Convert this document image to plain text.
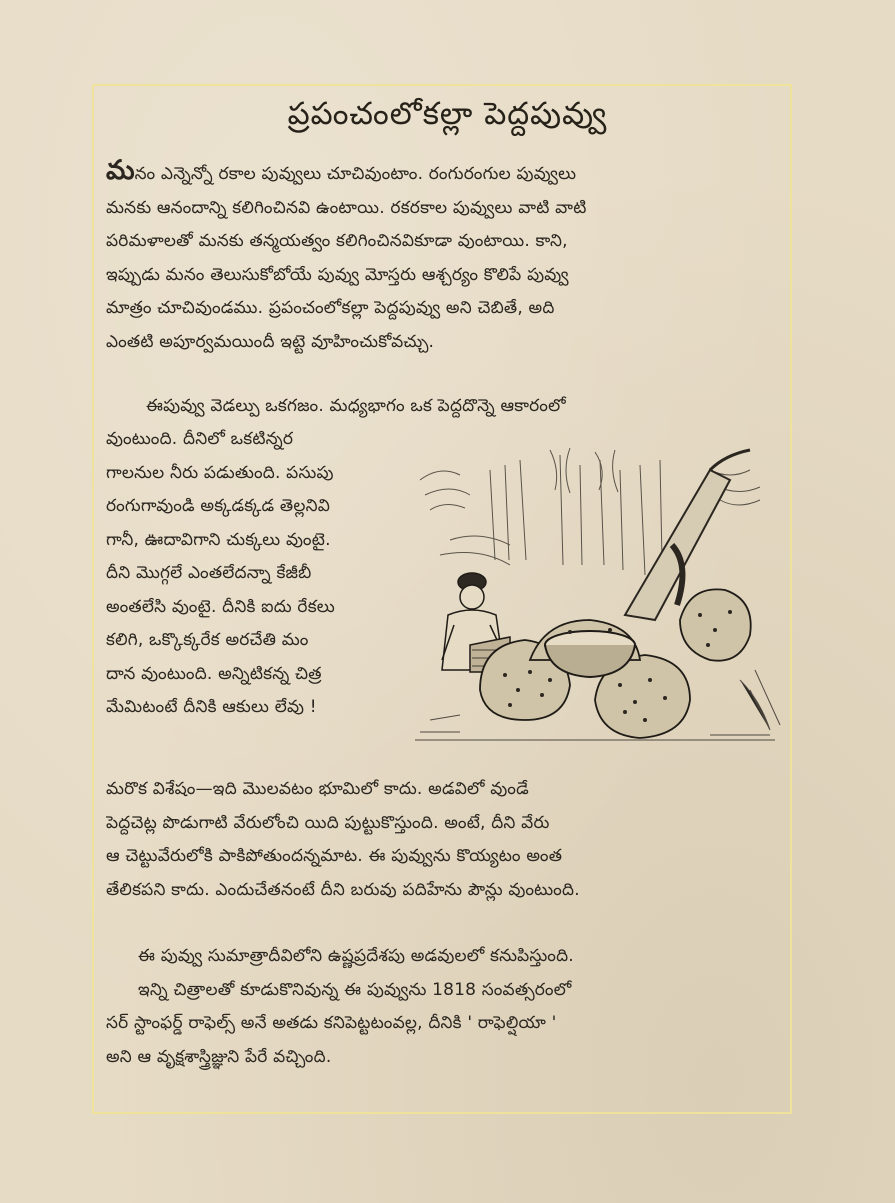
ప్రపంచంలోకల్లా పెద్దపువ్వు
మనం ఎన్నెన్నో రకాల పువ్వులు చూచివుంటాం. రంగురంగుల పువ్వులు
మనకు ఆనందాన్ని కలిగించినవి ఉంటాయి. రకరకాల పువ్వులు వాటి వాటి
పరిమళాలతో మనకు తన్మయత్వం కలిగించినవికూడా వుంటాయి. కాని,
ఇప్పుడు మనం తెలుసుకోబోయే పువ్వు మోస్తరు ఆశ్చర్యం కొలిపే పువ్వు
మాత్రం చూచివుండము. ప్రపంచంలోకల్లా పెద్దపువ్వు అని చెబితే, అది
ఎంతటి అపూర్వమయిందీ ఇట్టె వూహించుకోవచ్చు.
ఈపువ్వు వెడల్పు ఒకగజం. మధ్యభాగం ఒక పెద్దదొన్నె ఆకారంలో
వుంటుంది. దీనిలో ఒకటిన్నర
గాలనుల నీరు పడుతుంది. పసుపు
రంగుగావుండి అక్కడక్కడ తెల్లనివి
గానీ, ఊదావిగాని చుక్కలు వుంటై.
దీని మొగ్గలే ఎంతలేదన్నా కేజీబీ
అంతలేసి వుంటై. దీనికి ఐదు రేకలు
కలిగి, ఒక్కొక్కరేక అరచేతి మం
దాన వుంటుంది. అన్నిటికన్న చిత్ర
మేమిటంటే దీనికి ఆకులు లేవు !
మరొక విశేషం—ఇది మొలవటం భూమిలో కాదు. అడవిలో వుండే
పెద్దచెట్ల పొడుగాటి వేరులోంచి యిది పుట్టుకొస్తుంది. అంటే, దీని వేరు
ఆ చెట్టువేరులోకి పాకిపోతుందన్నమాట. ఈ పువ్వును కొయ్యటం అంత
తేలికపని కాదు. ఎందుచేతనంటే దీని బరువు పదిహేను పౌన్లు వుంటుంది.
ఈ పువ్వు సుమాత్రాదీవిలోని ఉష్ణప్రదేశపు అడవులలో కనుపిస్తుంది.
ఇన్ని చిత్రాలతో కూడుకొనివున్న ఈ పువ్వును 1818 సంవత్సరంలో
సర్ స్టాంఫర్డ్ రాఫెల్స్ అనే అతడు కనిపెట్టటంవల్ల, దీనికి ' రాఫెల్షియా '
అని ఆ వృక్షశాస్త్రిజ్ఞుని పేరే వచ్చింది.
